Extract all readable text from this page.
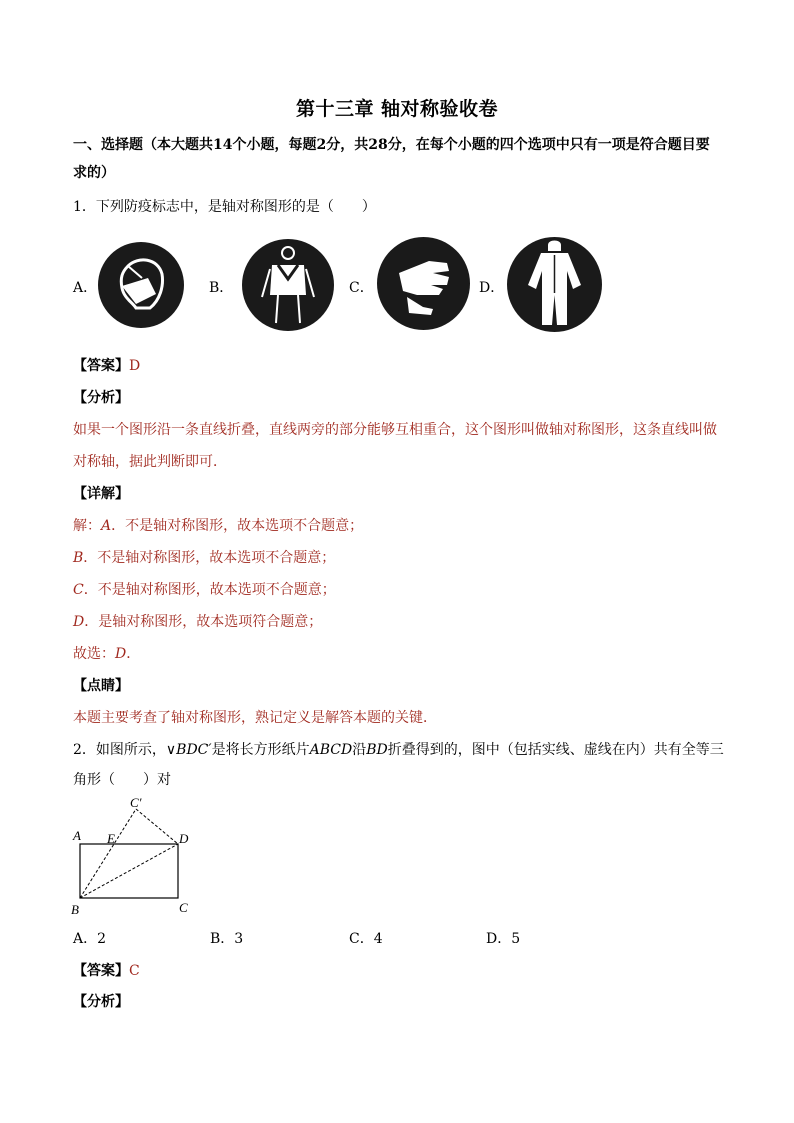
第十三章 轴对称验收卷
一、选择题（本大题共14个小题，每题2分，共28分，在每个小题的四个选项中只有一项是符合题目要
求的）
1．下列防疫标志中，是轴对称图形的是（　　）
A．	B．	C．	D．
【答案】D
【分析】
如果一个图形沿一条直线折叠，直线两旁的部分能够互相重合，这个图形叫做轴对称图形，这条直线叫做
对称轴，据此判断即可．
【详解】
解：A．不是轴对称图形，故本选项不合题意；
B．不是轴对称图形，故本选项不合题意；
C．不是轴对称图形，故本选项不合题意；
D．是轴对称图形，故本选项符合题意；
故选：D．
【点睛】
本题主要考查了轴对称图形，熟记定义是解答本题的关键．
2．如图所示，∨BDC′是将长方形纸片ABCD沿BD折叠得到的，图中（包括实线、虚线在内）共有全等三
角形（　　）对
A E	D
C′
B	C
A．2	B．3	C．4	D．5
【答案】C
【分析】
